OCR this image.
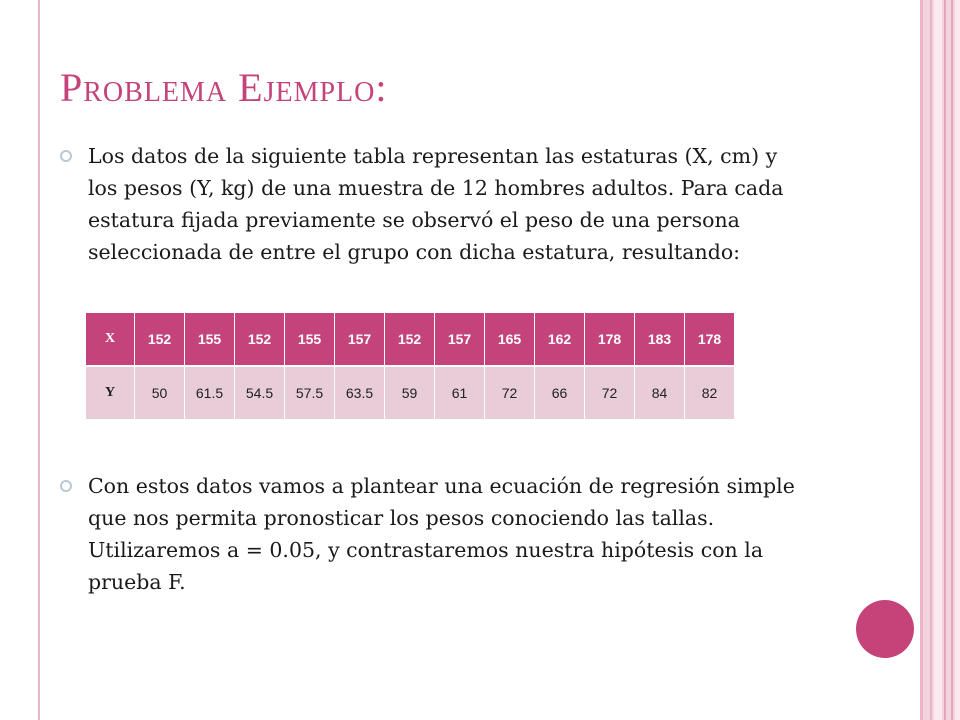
Problema Ejemplo:
Los datos de la siguiente tabla representan las estaturas (X, cm) y los pesos (Y, kg) de una muestra de 12 hombres adultos. Para cada estatura fijada previamente se observó el peso de una persona seleccionada de entre el grupo con dicha estatura, resultando:
X	152	155	152	155	157	152	157	165	162	178	183	178
Y	50	61.5	54.5	57.5	63.5	59	61	72	66	72	84	82
Con estos datos vamos a plantear una ecuación de regresión simple que nos permita pronosticar los pesos conociendo las tallas. Utilizaremos a = 0.05, y contrastaremos nuestra hipótesis con la prueba F.
